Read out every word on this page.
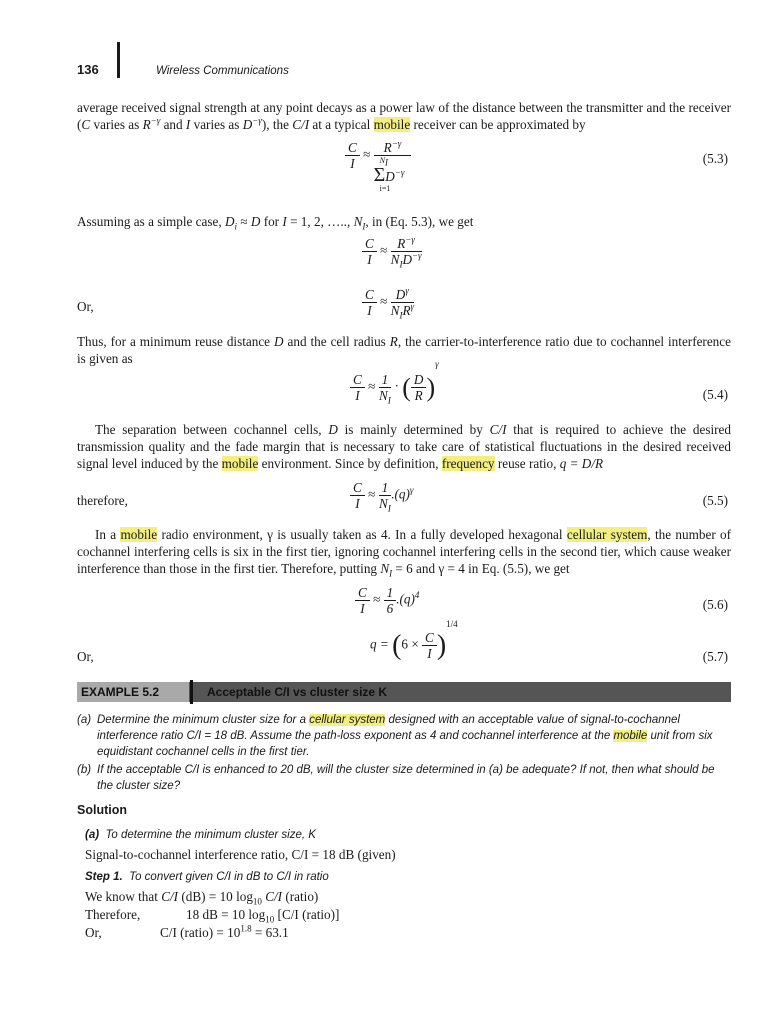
136	Wireless Communications
average received signal strength at any point decays as a power law of the distance between the transmitter and the receiver (C varies as $R^{-\gamma}$ and I varies as $D^{-\gamma}$), the C/I at a typical mobile receiver can be approximated by
$\frac{C}{I}$ ≈	$R^{-\gamma}$
$N_I$
$\Sigma D^{-\gamma}$
i=1
(5.3)
Assuming as a simple case, $D_i \approx D$ for I = 1, 2, ….., $N_I$, in (Eq. 5.3), we get
$\frac{C}{I} \approx \frac{R^{-\gamma}}{N_ID^{-\gamma}}$
Or,	$\frac{C}{I} \approx \frac{D^\gamma}{N_IR^\gamma}$
Thus, for a minimum reuse distance D and the cell radius R, the carrier-to-interference ratio due to cochannel interference is given as
$\frac{C}{I} \approx \frac{1}{N_I}$ · ( $\frac{D}{R} )^\gamma$
(5.4)
The separation between cochannel cells, D is mainly determined by C/I that is required to achieve the desired transmission quality and the fade margin that is necessary to take care of statistical fluctuations in the desired received signal level induced by the mobile environment. Since by definition, frequency reuse ratio, q = D/R
therefore,	$\frac{C}{I} \approx \frac{1}{N_I} .(q)^\gamma$
(5.5)
In a mobile radio environment, γ is usually taken as 4. In a fully developed hexagonal cellular system, the number of cochannel interfering cells is six in the first tier, ignoring cochannel interfering cells in the second tier, which cause weaker interference than those in the first tier. Therefore, putting $N_I = 6$ and γ = 4 in Eq. (5.5), we get
$\frac{C}{I} \approx \frac{1}{6} .(q)^4$
(5.6)
Or,
$q = (6 \times \frac{C}{I} )^{1/4}$
(5.7)
EXAMPLE 5.2	Acceptable C/I vs cluster size K
(a) Determine the minimum cluster size for a cellular system designed with an acceptable value of signal-to-cochannel interference ratio C/I = 18 dB. Assume the path-loss exponent as 4 and cochannel interference at the mobile unit from six equidistant cochannel cells in the first tier.
(b) If the acceptable C/I is enhanced to 20 dB, will the cluster size determined in (a) be adequate? If not, then what should be the cluster size?
Solution
(a) To determine the minimum cluster size, K
Signal-to-cochannel interference ratio, C/I = 18 dB (given)
Step 1. To convert given C/I in dB to C/I in ratio
We know that C/I (dB) = 10 $\log_{10} C/I$ (ratio)
Therefore,	18 dB = 10 $\log_{10} [C/I$ (ratio)]
Or,	C/I (ratio) = $10^{1.8} = 63.1$
